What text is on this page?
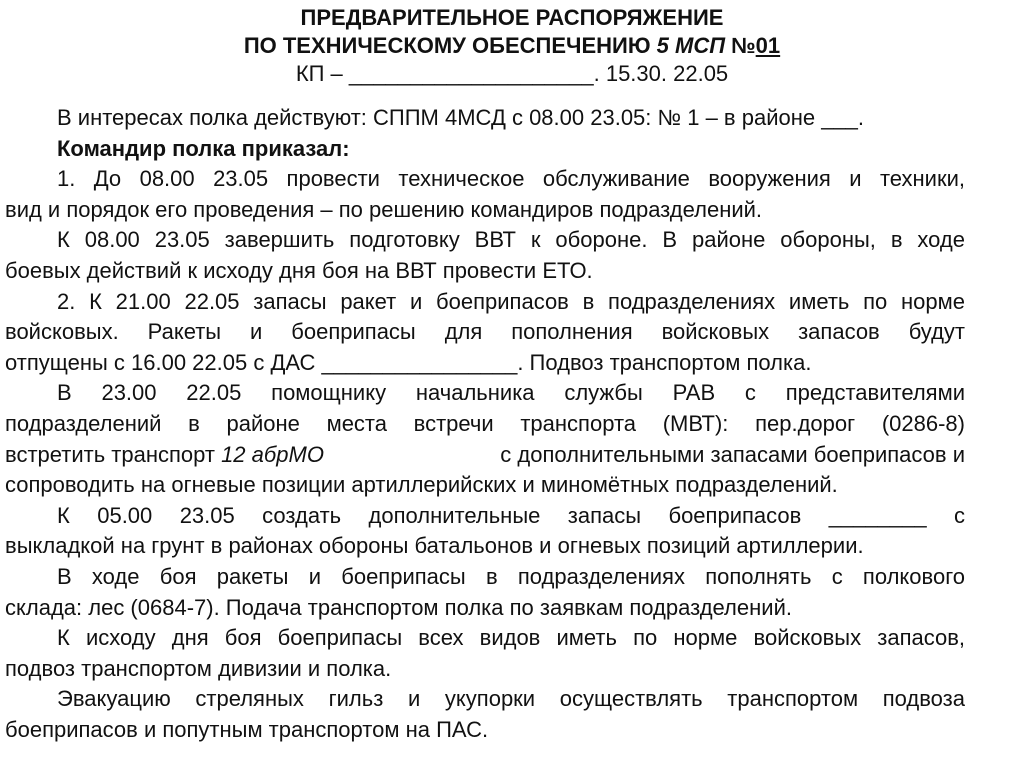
ПРЕДВАРИТЕЛЬНОЕ РАСПОРЯЖЕНИЕ
ПО ТЕХНИЧЕСКОМУ ОБЕСПЕЧЕНИЮ 5 МСП №01
КП – ____________________. 15.30. 22.05
В интересах полка действуют: СППМ 4МСД с 08.00 23.05: № 1 – в районе ___.
Командир полка приказал:
1. До 08.00 23.05 провести техническое обслуживание вооружения и техники,
вид и порядок его проведения – по решению командиров подразделений.
К 08.00 23.05 завершить подготовку ВВТ к обороне. В районе обороны, в ходе
боевых действий к исходу дня боя на ВВТ провести ЕТО.
2. К 21.00 22.05 запасы ракет и боеприпасов в подразделениях иметь по норме
войсковых. Ракеты и боеприпасы для пополнения войсковых запасов будут
отпущены с 16.00 22.05 с ДАС ________________. Подвоз транспортом полка.
В 23.00 22.05 помощнику начальника службы РАВ с представителями
подразделений в районе места встречи транспорта (МВТ): пер.дорог (0286-8)
встретить транспорт 12 абрМО	с дополнительными запасами боеприпасов и
сопроводить на огневые позиции артиллерийских и миномётных подразделений.
К 05.00 23.05 создать дополнительные запасы боеприпасов ________ с
выкладкой на грунт в районах обороны батальонов и огневых позиций артиллерии.
В ходе боя ракеты и боеприпасы в подразделениях пополнять с полкового
склада: лес (0684-7). Подача транспортом полка по заявкам подразделений.
К исходу дня боя боеприпасы всех видов иметь по норме войсковых запасов,
подвоз транспортом дивизии и полка.
Эвакуацию стреляных гильз и укупорки осуществлять транспортом подвоза
боеприпасов и попутным транспортом на ПАС.
